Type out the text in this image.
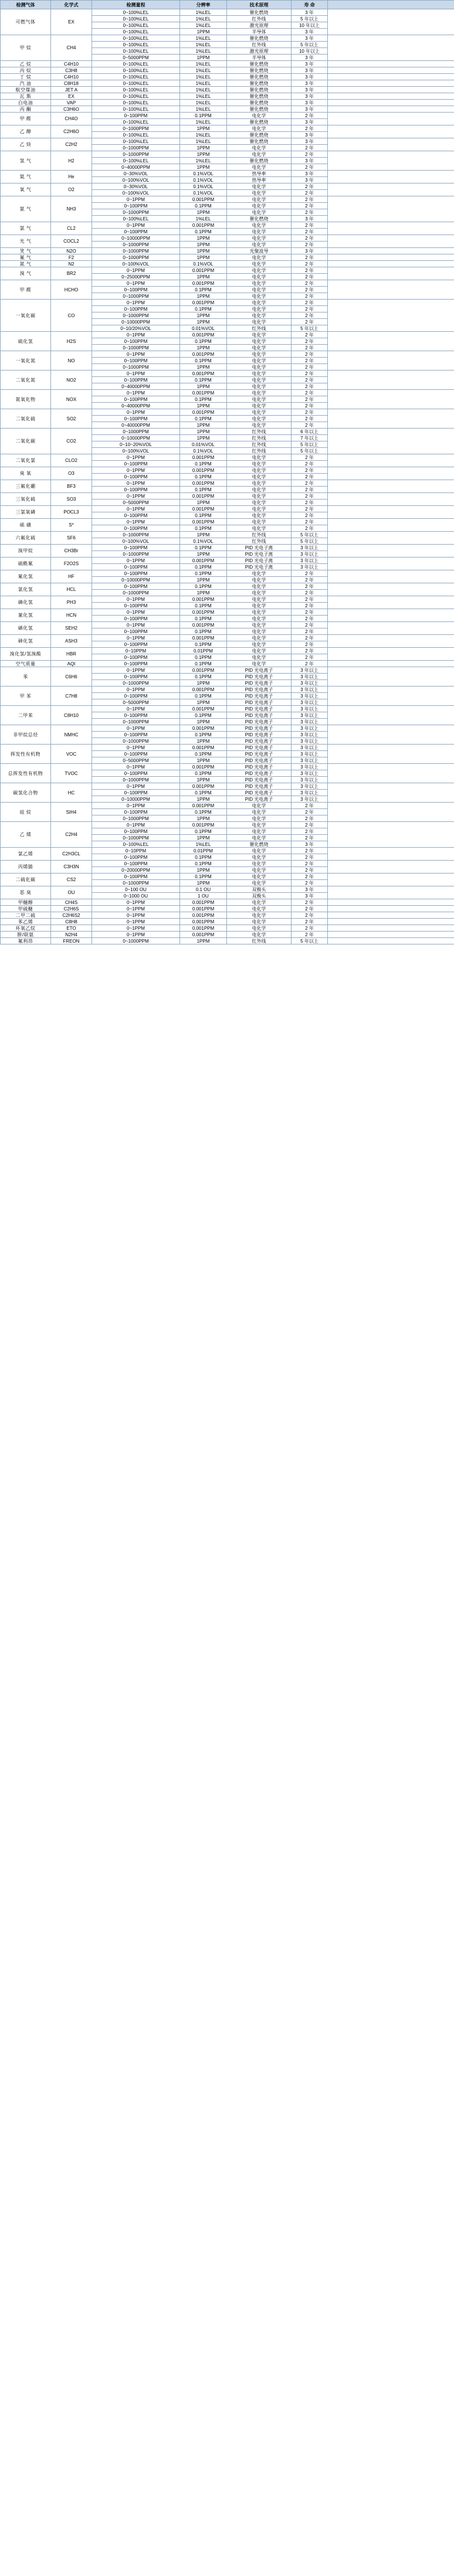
检测气体	化学式	检测量程	分辨率	技术原理	寿 命	
可燃气体	EX	0~100%LEL	1%LEL	催化燃烧	3 年	
		0~100%LEL	1%LEL	红外线	5 年以上	
		0~100%LEL	1%LEL	激光原理	10 年以上	
		0~100%LEL	1PPM	半导体	3 年	
甲 烷	CH4	0~100%LEL	1%LEL	催化燃烧	3 年	
		0~100%LEL	1%LEL	红外线	5 年以上	
		0~100%LEL	1%LEL	激光原理	10 年以上	
		0~5000PPM	1PPM	半导体	3 年	
乙 烷	C4H10	0~100%LEL	1%LEL	催化燃烧	3 年	
丙 烷	C3H8	0~100%LEL	1%LEL	催化燃烧	3 年	
丁 烷	C4H10	0~100%LEL	1%LEL	催化燃烧	3 年	
汽 油	C8H18	0~100%LEL	1%LEL	催化燃烧	3 年	
航空煤油	JET A	0~100%LEL	1%LEL	催化燃烧	3 年	
瓦 斯	EX	0~100%LEL	1%LEL	催化燃烧	3 年	
白电油	VAP	0~100%LEL	1%LEL	催化燃烧	3 年	
丙 酮	C3H6O	0~100%LEL	1%LEL	催化燃烧	3 年	
甲 醛	CH4O	0~100PPM	0.1PPM	电化学	2 年	
		0~100%LEL	1%LEL	催化燃烧	3 年	
乙 醇	C2H6O	0~1000PPM	1PPM	电化学	2 年	
		0~100%LEL	1%LEL	催化燃烧	3 年	
乙 炔	C2H2	0~100%LEL	1%LEL	催化燃烧	3 年	
		0~1000PPM	1PPM	电化学	2 年	
氢 气	H2	0~1000PPM	1PPM	电化学	2 年	
		0~100%LEL	1%LEL	催化燃烧	3 年	
		0~40000PPM	1PPM	电化学	2 年	
氦 气	He	0~30%VOL	0.1%VOL	热导率	3 年	
		0~100%VOL	0.1%VOL	热导率	3 年	
氧 气	O2	0~30%VOL	0.1%VOL	电化学	2 年	
		0~100%VOL	0.1%VOL	电化学	2 年	
氨 气	NH3	0~1PPM	0.001PPM	电化学	2 年	
		0~100PPM	0.1PPM	电化学	2 年	
		0~1000PPM	1PPM	电化学	2 年	
		0~100%LEL	1%LEL	催化燃烧	3 年	
氯 气	CL2	0~1PPM	0.001PPM	电化学	2 年	
		0~100PPM	0.1PPM	电化学	2 年	
光 气	COCL2	0~10000PPM	1PPM	电化学	2 年	
		0~1000PPM	1PPM	电化学	2 年	
笑 气	N2O	0~1000PPM	1PPM	光聚波导	3 年	
氟 气	F2	0~1000PPM	1PPM	电化学	2 年	
氮 气	N2	0~100%VOL	0.1%VOL	电化学	2 年	
溴 气	BR2	0~1PPM	0.001PPM	电化学	2 年	
		0~25000PPM	1PPM	电化学	2 年	
甲 醛	HCHO	0~1PPM	0.001PPM	电化学	2 年	
		0~100PPM	0.1PPM	电化学	2 年	
		0~1000PPM	1PPM	电化学	2 年	
一氧化碳	CO	0~1PPM	0.001PPM	电化学	2 年	
		0~100PPM	0.1PPM	电化学	2 年	
		0~1000PPM	1PPM	电化学	2 年	
		0~10000PPM	1PPM	电化学	2 年	
		0~10/20%VOL	0.01%VOL	红外线	5 年以上	
硫化氢	H2S	0~1PPM	0.001PPM	电化学	2 年	
		0~100PPM	0.1PPM	电化学	2 年	
		0~1000PPM	1PPM	电化学	2 年	
一氧化氮	NO	0~1PPM	0.001PPM	电化学	2 年	
		0~100PPM	0.1PPM	电化学	2 年	
		0~1000PPM	1PPM	电化学	2 年	
二氧化氮	NO2	0~1PPM	0.001PPM	电化学	2 年	
		0~100PPM	0.1PPM	电化学	2 年	
		0~40000PPM	1PPM	电化学	2 年	
氮氧化物	NOX	0~1PPM	0.001PPM	电化学	2 年	
		0~100PPM	0.1PPM	电化学	2 年	
		0~40000PPM	1PPM	电化学	2 年	
二氧化硫	SO2	0~1PPM	0.001PPM	电化学	2 年	
		0~100PPM	0.1PPM	电化学	2 年	
		0~40000PPM	1PPM	电化学	2 年	
二氧化碳	CO2	0~1000PPM	1PPM	红外线	6 年以上	
		0~10000PPM	1PPM	红外线	7 年以上	
		0~10~20%VOL	0.01%VOL	红外线	5 年以上	
		0~100%VOL	0.1%VOL	红外线	5 年以上	
二氧化氯	CLO2	0~1PPM	0.001PPM	电化学	2 年	
		0~100PPM	0.1PPM	电化学	2 年	
臭 氧	O3	0~1PPM	0.001PPM	电化学	2 年	
		0~100PPM	0.1PPM	电化学	2 年	
三氟化硼	BF3	0~1PPM	0.001PPM	电化学	2 年	
		0~100PPM	0.1PPM	电化学	2 年	
三氧化硫	SO3	0~1PPM	0.001PPM	电化学	2 年	
		0~5000PPM	1PPM	电化学	2 年	
三氯氧磷	POCL3	0~1PPM	0.001PPM	电化学	2 年	
		0~100PPM	0.1PPM	电化学	2 年	
硫 磺	S*	0~1PPM	0.001PPM	电化学	2 年	
		0~100PPM	0.1PPM	电化学	2 年	
六氟化硫	SF6	0~1000PPM	1PPM	红外线	5 年以上	
		0~100%VOL	0.1%VOL	红外线	5 年以上	
溴甲烷	CH3Br	0~100PPM	0.1PPM	PID 光电子离	3 年以上	
		0~1000PPM	1PPM	PID 光电子离	3 年以上	
硫酰氟	F2O2S	0~1PPM	0.001PPM	PID 光电子离	3 年以上	
		0~100PPM	0.1PPM	PID 光电子离	3 年以上	
氟化氢	HF	0~100PPM	0.1PPM	电化学	2 年	
		0~10000PPM	1PPM	电化学	2 年	
氯化氢	HCL	0~100PPM	0.1PPM	电化学	2 年	
		0~1000PPM	1PPM	电化学	2 年	
磷化氢	PH3	0~1PPM	0.001PPM	电化学	2 年	
		0~100PPM	0.1PPM	电化学	2 年	
氰化氢	HCN	0~1PPM	0.001PPM	电化学	2 年	
		0~100PPM	0.1PPM	电化学	2 年	
硒化氢	SEH2	0~1PPM	0.001PPM	电化学	2 年	
		0~100PPM	0.1PPM	电化学	2 年	
砷化氢	ASH3	0~1PPM	0.001PPM	电化学	2 年	
		0~100PPM	0.1PPM	电化学	2 年	
溴化氢/氢溴酸	HBR	0~10PPM	0.01PPM	电化学	2 年	
		0~100PPM	0.1PPM	电化学	2 年	
空气质量	AQI	0~100PPM	0.1PPM	电化学	2 年	
苯	C6H6	0~1PPM	0.001PPM	PID 光电离子	3 年以上	
		0~100PPM	0.1PPM	PID 光电离子	3 年以上	
		0~1000PPM	1PPM	PID 光电离子	3 年以上	
甲 苯	C7H8	0~1PPM	0.001PPM	PID 光电离子	3 年以上	
		0~100PPM	0.1PPM	PID 光电离子	3 年以上	
		0~5000PPM	1PPM	PID 光电离子	3 年以上	
二甲苯	C8H10	0~1PPM	0.001PPM	PID 光电离子	3 年以上	
		0~100PPM	0.1PPM	PID 光电离子	3 年以上	
		0~1000PPM	1PPM	PID 光电离子	3 年以上	
非甲烷总烃	NMHC	0~1PPM	0.001PPM	PID 光电离子	3 年以上	
		0~100PPM	0.1PPM	PID 光电离子	3 年以上	
		0~1000PPM	1PPM	PID 光电离子	3 年以上	
挥发性有机物	VOC	0~1PPM	0.001PPM	PID 光电离子	3 年以上	
		0~100PPM	0.1PPM	PID 光电离子	3 年以上	
		0~5000PPM	1PPM	PID 光电离子	3 年以上	
总挥发性有机物	TVOC	0~1PPM	0.001PPM	PID 光电离子	3 年以上	
		0~100PPM	0.1PPM	PID 光电离子	3 年以上	
		0~1000PPM	1PPM	PID 光电离子	3 年以上	
碳氢化合物	HC	0~1PPM	0.001PPM	PID 光电离子	3 年以上	
		0~100PPM	0.1PPM	PID 光电离子	3 年以上	
		0~10000PPM	1PPM	PID 光电离子	3 年以上	
硅 烷	SIH4	0~1PPM	0.001PPM	电化学	2 年	
		0~100PPM	0.1PPM	电化学	2 年	
		0~1000PPM	1PPM	电化学	2 年	
乙 烯	C2H4	0~1PPM	0.001PPM	电化学	2 年	
		0~100PPM	0.1PPM	电化学	2 年	
		0~1000PPM	1PPM	电化学	2 年	
		0~100%LEL	1%LEL	催化燃烧	3 年	
氯乙烯	C2H3CL	0~10PPM	0.01PPM	电化学	2 年	
		0~100PPM	0.1PPM	电化学	2 年	
丙烯腈	C3H3N	0~100PPM	0.1PPM	电化学	2 年	
		0~20000PPM	1PPM	电化学	2 年	
二硫化碳	CS2	0~100PPM	0.1PPM	电化学	2 年	
		0~1000PPM	1PPM	电化学	2 年	
恶 臭	OU	0~100 OU	0.1 OU	双极头	3 年	
		0~1000 OU	1 OU	双极头	3 年	
甲醚醇	CH4S	0~1PPM	0.001PPM	电化学	2 年	
甲硫醚	C2H6S	0~1PPM	0.001PPM	电化学	2 年	
二甲二硫	C2H6S2	0~1PPM	0.001PPM	电化学	2 年	
苯乙烯	C8H8	0~1PPM	0.001PPM	电化学	2 年	
环氧乙烷	ETO	0~1PPM	0.001PPM	电化学	2 年	
肼/联氨	N2H4	0~1PPM	0.001PPM	电化学	2 年	
氟利昂	FREON	0~1000PPM	1PPM	红外线	5 年以上	
